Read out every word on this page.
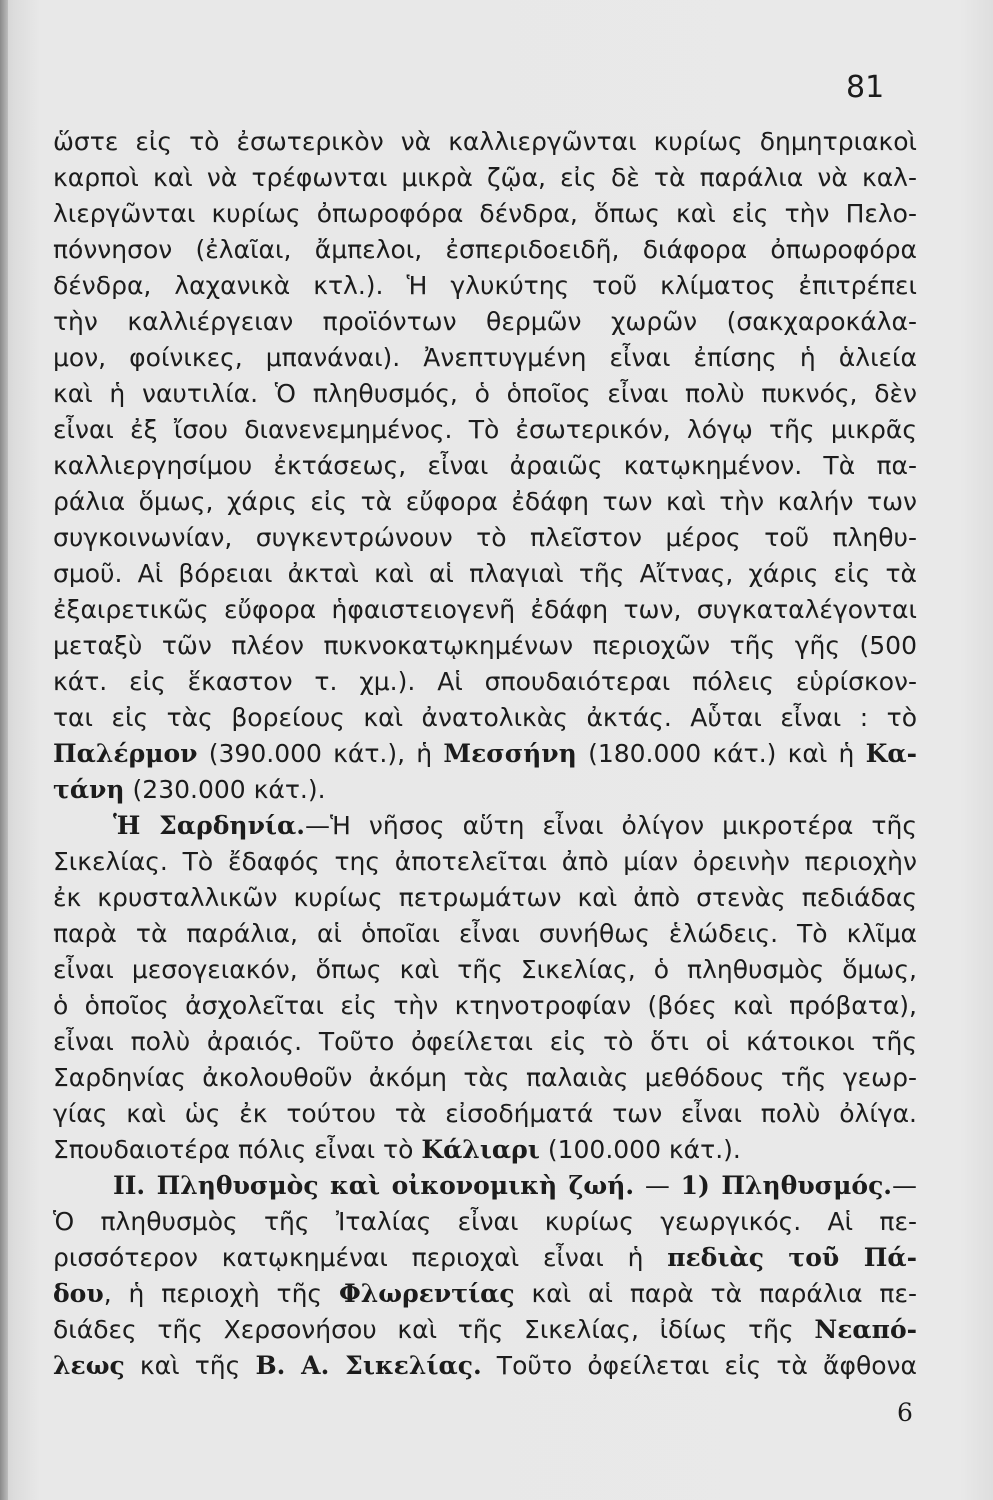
81
ὥστε εἰς τὸ ἐσωτερικὸν νὰ καλλιεργῶνται κυρίως δημητριακοὶ
καρποὶ καὶ νὰ τρέφωνται μικρὰ ζῷα, εἰς δὲ τὰ παράλια νὰ καλ-
λιεργῶνται κυρίως ὀπωροφόρα δένδρα, ὅπως καὶ εἰς τὴν Πελο-
πόννησον (ἐλαῖαι, ἄμπελοι, ἐσπεριδοειδῆ, διάφορα ὀπωροφόρα
δένδρα, λαχανικὰ κτλ.). Ἡ γλυκύτης τοῦ κλίματος ἐπιτρέπει
τὴν καλλιέργειαν προϊόντων θερμῶν χωρῶν (σακχαροκάλα-
μον, φοίνικες, μπανάναι). Ἀνεπτυγμένη εἶναι ἐπίσης ἡ ἁλιεία
καὶ ἡ ναυτιλία. Ὁ πληθυσμός, ὁ ὁποῖος εἶναι πολὺ πυκνός, δὲν
εἶναι ἐξ ἴσου διανενεμημένος. Τὸ ἐσωτερικόν, λόγῳ τῆς μικρᾶς
καλλιεργησίμου ἐκτάσεως, εἶναι ἀραιῶς κατῳκημένον. Τὰ πα-
ράλια ὅμως, χάρις εἰς τὰ εὔφορα ἐδάφη των καὶ τὴν καλήν των
συγκοινωνίαν, συγκεντρώνουν τὸ πλεῖστον μέρος τοῦ πληθυ-
σμοῦ. Αἱ βόρειαι ἀκταὶ καὶ αἱ πλαγιαὶ τῆς Αἴτνας, χάρις εἰς τὰ
ἐξαιρετικῶς εὔφορα ἡφαιστειογενῆ ἐδάφη των, συγκαταλέγονται
μεταξὺ τῶν πλέον πυκνοκατῳκημένων περιοχῶν τῆς γῆς (500
κάτ. εἰς ἕκαστον τ. χμ.). Αἱ σπουδαιότεραι πόλεις εὑρίσκον-
ται εἰς τὰς βορείους καὶ ἀνατολικὰς ἀκτάς. Αὗται εἶναι : τὸ
Παλέρμον (390.000 κάτ.), ἡ Μεσσήνη (180.000 κάτ.) καὶ ἡ Κα-
τάνη (230.000 κάτ.).
Ἡ Σαρδηνία.—Ἡ νῆσος αὕτη εἶναι ὀλίγον μικροτέρα τῆς
Σικελίας. Τὸ ἔδαφός της ἀποτελεῖται ἀπὸ μίαν ὀρεινὴν περιοχὴν
ἐκ κρυσταλλικῶν κυρίως πετρωμάτων καὶ ἀπὸ στενὰς πεδιάδας
παρὰ τὰ παράλια, αἱ ὁποῖαι εἶναι συνήθως ἑλώδεις. Τὸ κλῖμα
εἶναι μεσογειακόν, ὅπως καὶ τῆς Σικελίας, ὁ πληθυσμὸς ὅμως,
ὁ ὁποῖος ἀσχολεῖται εἰς τὴν κτηνοτροφίαν (βόες καὶ πρόβατα),
εἶναι πολὺ ἀραιός. Τοῦτο ὀφείλεται εἰς τὸ ὅτι οἱ κάτοικοι τῆς
Σαρδηνίας ἀκολουθοῦν ἀκόμη τὰς παλαιὰς μεθόδους τῆς γεωρ-
γίας καὶ ὡς ἐκ τούτου τὰ εἰσοδήματά των εἶναι πολὺ ὀλίγα.
Σπουδαιοτέρα πόλις εἶναι τὸ Κάλιαρι (100.000 κάτ.).
II. Πληθυσμὸς καὶ οἰκονομικὴ ζωή. — 1) Πληθυσμός.—
Ὁ πληθυσμὸς τῆς Ἰταλίας εἶναι κυρίως γεωργικός. Αἱ πε-
ρισσότερον κατῳκημέναι περιοχαὶ εἶναι ἡ πεδιὰς τοῦ Πά-
δου, ἡ περιοχὴ τῆς Φλωρεντίας καὶ αἱ παρὰ τὰ παράλια πε-
διάδες τῆς Χερσονήσου καὶ τῆς Σικελίας, ἰδίως τῆς Νεαπό-
λεως καὶ τῆς Β. Α. Σικελίας. Τοῦτο ὀφείλεται εἰς τὰ ἄφθονα
6
